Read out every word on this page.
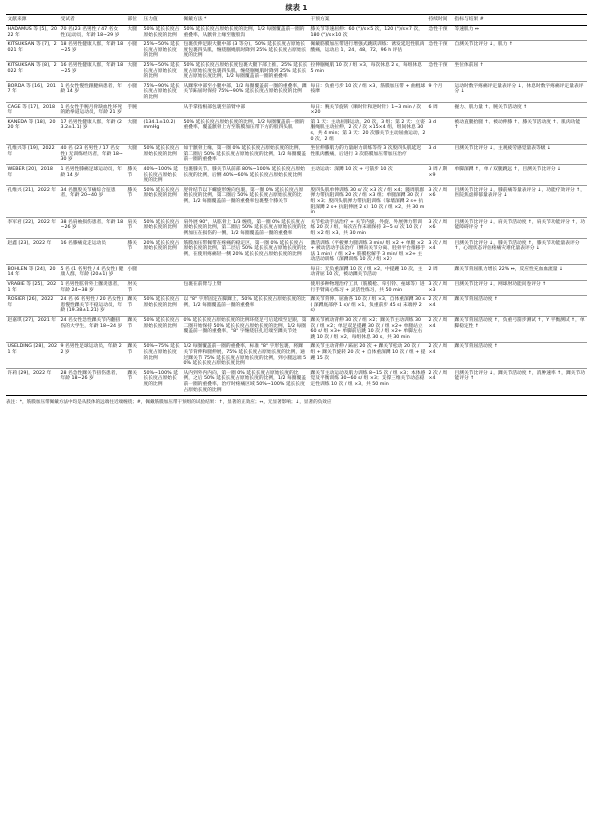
续表 1
文献来源	受试者	部位	压力值	佩戴方法 *	干预方案	持续时间	指标与结果 #
HADAMUS 等 [5]，2022 年	70 名(23 名男性 / 47 名女性)运动员，年龄 18~29 岁	大腿	50% 延长长度占原始长度的比例	50% 延长长度占原始长度的比例，1/2 每圈覆盖前一圈的重叠率，从髌骨上缘至腹股沟	膝关节等速屈伸：60 (°)/s×5 次，120 (°)/s×7 次，180 (°)/s×10 次	急性干预	等速肌力 ↔
KITSUKSAN 等 [7]，2021 年	18 名男性健康人群，年龄 18~25 岁	小腿	25%~50% 延长长度占原始长度的比例	包裹伏伸足跟大腿中部 (3 等分)，50% 延长长度占原始长度包裹四头肌，缠绕腘绳肌时降到 25% 延长长度占原始长度的比例	佩戴筋膜加压带进行增强式跳跃训练：诱发延迟性肌肉酸痛，运动后 1，24，48，72，96 h 评估	急性干预	自测关节比评分 ↓，肌力 ↑
KITSUKSAN 等 [8]，2022 年	16 名男性健康人群，年龄 18~25 岁	大腿	25%~50% 延长长度占原始长度的比例	50% 延长长度占原始长度包裹大腿下部上推，25% 延长长度占原始长度包裹四头肌，缠绕腘绳肌时降到 25% 延长长度占原始长度比例，1/2 每圈覆盖前一圈的重叠率	拉伸腘绳肌 10 次 / 组 ×3，每次休息 2 s，每组休息 5 min	急性干预	坐位体前屈 ↑
BORDA 等 [16]，2017 年	1 名女性慢性跟腱病患者，年龄 14 岁	小腿	75%~90% 延长长度占原始长度的比例	从踝挛中部至小腿中部，1/2 每圈覆盖前一圈的重叠率，踝关节跖屈时保持 75%~90% 延长长度占原始长度的比例	每日：负重弓步 10 次 / 组 ×3，筋膜加压带 + 曲棍球按摩	9 个月	运动时数字疼痛评定量表评分 ↓，休息时数字疼痛评定量表评分 ↓
CAGE 等 [17]，2018 年	1 名女性手腕月骨缺血性坏死的跆拳道运动员，年龄 21 岁	手腕		从手掌指根部包裹至前臂中部	每日：腕关节旋转（顺时针和逆时针）1~3 min / 次 ×20	6 周	握力、肌力量 ↑、腕关节活动度 ↑
KANEDA 等 [18]，2020 年	17 名男性健康人群，年龄 (23.2±1.1) 岁	大腿	(134.1±10.2) mmHg	50% 延长长度占原始长度的比例，1/2 每圈覆盖前一圈的重叠率，覆盖髌骨上方至筋膜加压带下方的股四头肌	第 1 天：主动屈膝运动，20 次，3 组；第 2 天：立姿腘绳肌主动拉伸，2 次 / 次 ×15×4 组，组间休息 30 s，共 4 min；第 3 天：20 次膝关节主动屈曲运动，20 次，2 组	3 d	被动直腿抬腿 ↑、被动伸膝 ↑、膝关节活动度 ↑、肌肉功能 ↑
孔维兴等 [19]，2022 年	40 名 (23 名男性 / 17 名女性) 无训练经历者，年龄 18~30 岁	大腿	50% 延长长度占原始长度的比例	如于髌骨上缘，第一圈 0% 延长长度占原始长度的比例，第二圈后 50% 延长长度占原始长度的比例，1/2 每圈覆盖前一圈的重叠率	坐位伸膝肌力的力量耐力训练等待 3 次股四头肌延迟性肌肉酸痛，后进行 3 次筋膜加压带加压治疗	3 d	目测关节比评分 ↓，主观疲劳感觉量表等级 ↓
WEBER [20]，2018 年	1 名男性膝痛足球运动员，年龄 14 岁	膝关节	40%~100% 延长长度占原始长度的比例	包裹膝关节，膝关节从前部 80%~100% 延长长度占原始长度的比例，后侧 40%~60% 延长长度占原始长度比例	主动运动：深蹲 10 次 + 弓箭步 10 次	3 周 / 期 ×9	单脚深蹲 ↑，单 / 双腿跳远 ↑，目测关节比评分 ↓
孔维兴 [21]，2022 年	34 名髌股关节痛综合征患者，年龄 20~40 岁	膝关节	50% 延长长度占原始长度的比例	胫骨结节以下螺旋形缠向包裹，第一圈 0% 延长长度占原始长度的比例，第二圈后 50% 延长长度占原始长度的比例，1/2 每圈覆盖前一圈的重叠率包裹整个膝关节	股四头肌单伸训练 30 s/ 次 ×3 次 / 组 ×4；髋周肌群弹力带抗阻训练 20 次 / 组 ×3 组；单腿深蹲 30 次 / 组 ×3；股四头肌弹力带抗阻训练（靠墙深蹲 2 s+ 抗阻深蹲 2 s+ 抗阻伸展 2 s）10 次 / 组 ×2，共 30 min	3 次 / 周 ×6	目测关节比评分 ↓，膝前痛等量表评分 ↓，功能疗效评分 ↑，医院焦虑抑郁量表评分 ↓
李军君 [22]，2022 年	38 名肩袖损伤患者，年龄 18~26 岁	肩关节	50% 延长长度占原始长度的比例	肩外展 90°，从肱骨上 1/3 缠绕，第一圈 0% 延长长度占原始长度的比例，第二圈后 50% 延长长度占原始长度的比例加压在损伤的一侧，1/2 每圈覆盖前一圈的重叠率	关节松动手法治疗 + 关节内旋、外旋、外展弹力带训练 20 次 / 组，每次在作末端保持 3~5 s/ 次 10 次 / 组 ×2 组 ×3，共 30 min	3 次 / 周 ×6	目测关节比评分 ↓，肩关节活动度 ↑，肩关节功能评分 ↑，功能障碍评分 ↑
赵鑫 [23]，2022 年	16 名膝痛竞走运动员	膝关节	20% 延长长度占原始长度的比例	筋膜加压带佩带在疼痛的稳定区，第一圈 0% 延长长度占原始长度的比例，第二层后 50% 延长长度占原始长度的比例，在使用疼痛轻一侧 20% 延长长度占原始长度的比例	激活训练（平板弹力腿训练 3 min/ 组 ×2 + 单腿 ×2+ 被动活动手法治疗（侧向关节分离、胫骨平台推移手法 1 min）/ 组 ×2+ 筋膜松解手 3 min/ 组 ×2+ 主动活动训练（深蹲训练 10 次 / 组 ×2）	3 次 / 周 ×4	目测关节比评分 ↓，膝关节活动度 ↑，膝关节功能量表评分 ↑，心理状态评估疼痛灾难化量表评分 ↓
BOHLEN 等 [24]，2014 年	5 名 (1 名男性 / 4 名女性) 健康人群，年龄 (20±1) 岁	小腿			每日：无负重深蹲 10 次 / 组 ×2，中提踵 10 次，主动背屈 10 次，被动踝关节活动	2 周	踝关节背屈肌力增长 22% ↔，反应性充血血流量 ↓
VRABIE 等 [25]，2021 年	1 名男性肱骨外上髁炎患者，年龄 24~38 岁	肘关节		包裹在前臂与上臂	使用多种物理治疗工具（筋膜枪、牵引铃、垒球等）进行手臂离心练习 + 灵活性练习，共 50 min	3 次 / 周 ×3	目测关节比评分 ↓，网球肘功能问卷评分 ↑
ROSIER [26]，2022 年	24 名 (6 名男性 / 20 名女性) 患慢性踝关节不稳运动员，年龄 (19.38±1.21) 岁	踝关节	50% 延长长度占原始长度的比例	以 "8" 字形固定在脚踝上，50% 延长长度占原始长度的比例，1/2 每圈覆盖前一圈的重叠率	踝关节背伸、屈曲各 10 次 / 组 ×3，自体重深蹲 30 s( 深蹲底部停 1 s)/ 组 ×1，负重前步 45 s( 末端停 2 s)	2 次 / 周 ×4	踝关节背屈活动度 ↑
赵嘉琪 [27]，2021 年	24 名女性急性踝关节内翻扭伤的大学生，年龄 18~24 岁	踝关节	50% 延长长度占原始长度的比例	0% 延长长度占原始长度的比例环绕足弓后延续至足跟，第二圈开始保持 50% 延长长度占原始长度的比例，1/2 每圈覆盖前一圈的重叠率，"8" 字缠绕驻扎近端至踝关节处	踝关节被动背伸 30 次 / 组 ×2；踝关节主动训练 30 次 / 组 ×2；单足双足提踵 30 次 / 组 ×2+ 单腿站立 60 s/ 组 ×3+ 单脚前后跳 10 次 / 组 ×2+ 单脚左右跳 10 次 / 组 ×2，每组休息 30 s，共 30 min	2 次 / 周 ×4	踝关节背屈活动度 ↑，负重弓箭步测试 ↑，Y 平衡测试 ↑，单脚稳定性 ↑
USELDING [28]，2021 年	9 名男性足球运动员，年龄 22 岁	踝关节	50%~75% 延长长度占原始长度的比例	1/2 每圈覆盖前一圈的重叠率，标准 "8" 字形包裹，将踝关节背伸和腿伸展，75% 延长长度占原始长度的比例，通过踝关节 75% 延长长度占原始长度的比例，到小腿远端 50% 延长长度占原始长度比例	踝关节主动背伸 / 跖屈 20 次 + 踝关节松动 20 次 / 组 + 踝关节旋转 20 次 + 自体重深蹲 10 次 / 组 + 提踵 15 次	2 次 / 周 ×4	踝关节背屈活动度 ↑
许莉 [29]，2022 年	28 名急性踝关节扭伤患者，年龄 18~26 岁	踝关节	50%~100% 延长长度占原始长度的比例	从内到外内内向，第一圈 0% 延长长度占原始长度的比例，之后 50% 延长长度占原始长度的比例，1/2 每圈覆盖前一圈的重叠率，治疗时疼痛区域 50%~100% 延长长度占原始长度的比例	踝关节主动运动及肌力训练 8~15 次 / 组 ×3；本体感觉及平衡训练 30~60 s/ 组 ×3；支撑三维关节动态稳定性训练 10 次 / 组 ×3，共 50 min	2 次 / 周 ×4	目测关节比评分 ↓，踝关节活动度 ↑，消肿速率 ↑，踝关节功能评分 ↑
表注：*，筋膜加压带佩戴方法中均是从肢体的远端往近端缠绕；#，佩戴筋膜加压带干预组的试验结果：↑，显著的正效应；↔，无显著影响；↓，显著的负效应
